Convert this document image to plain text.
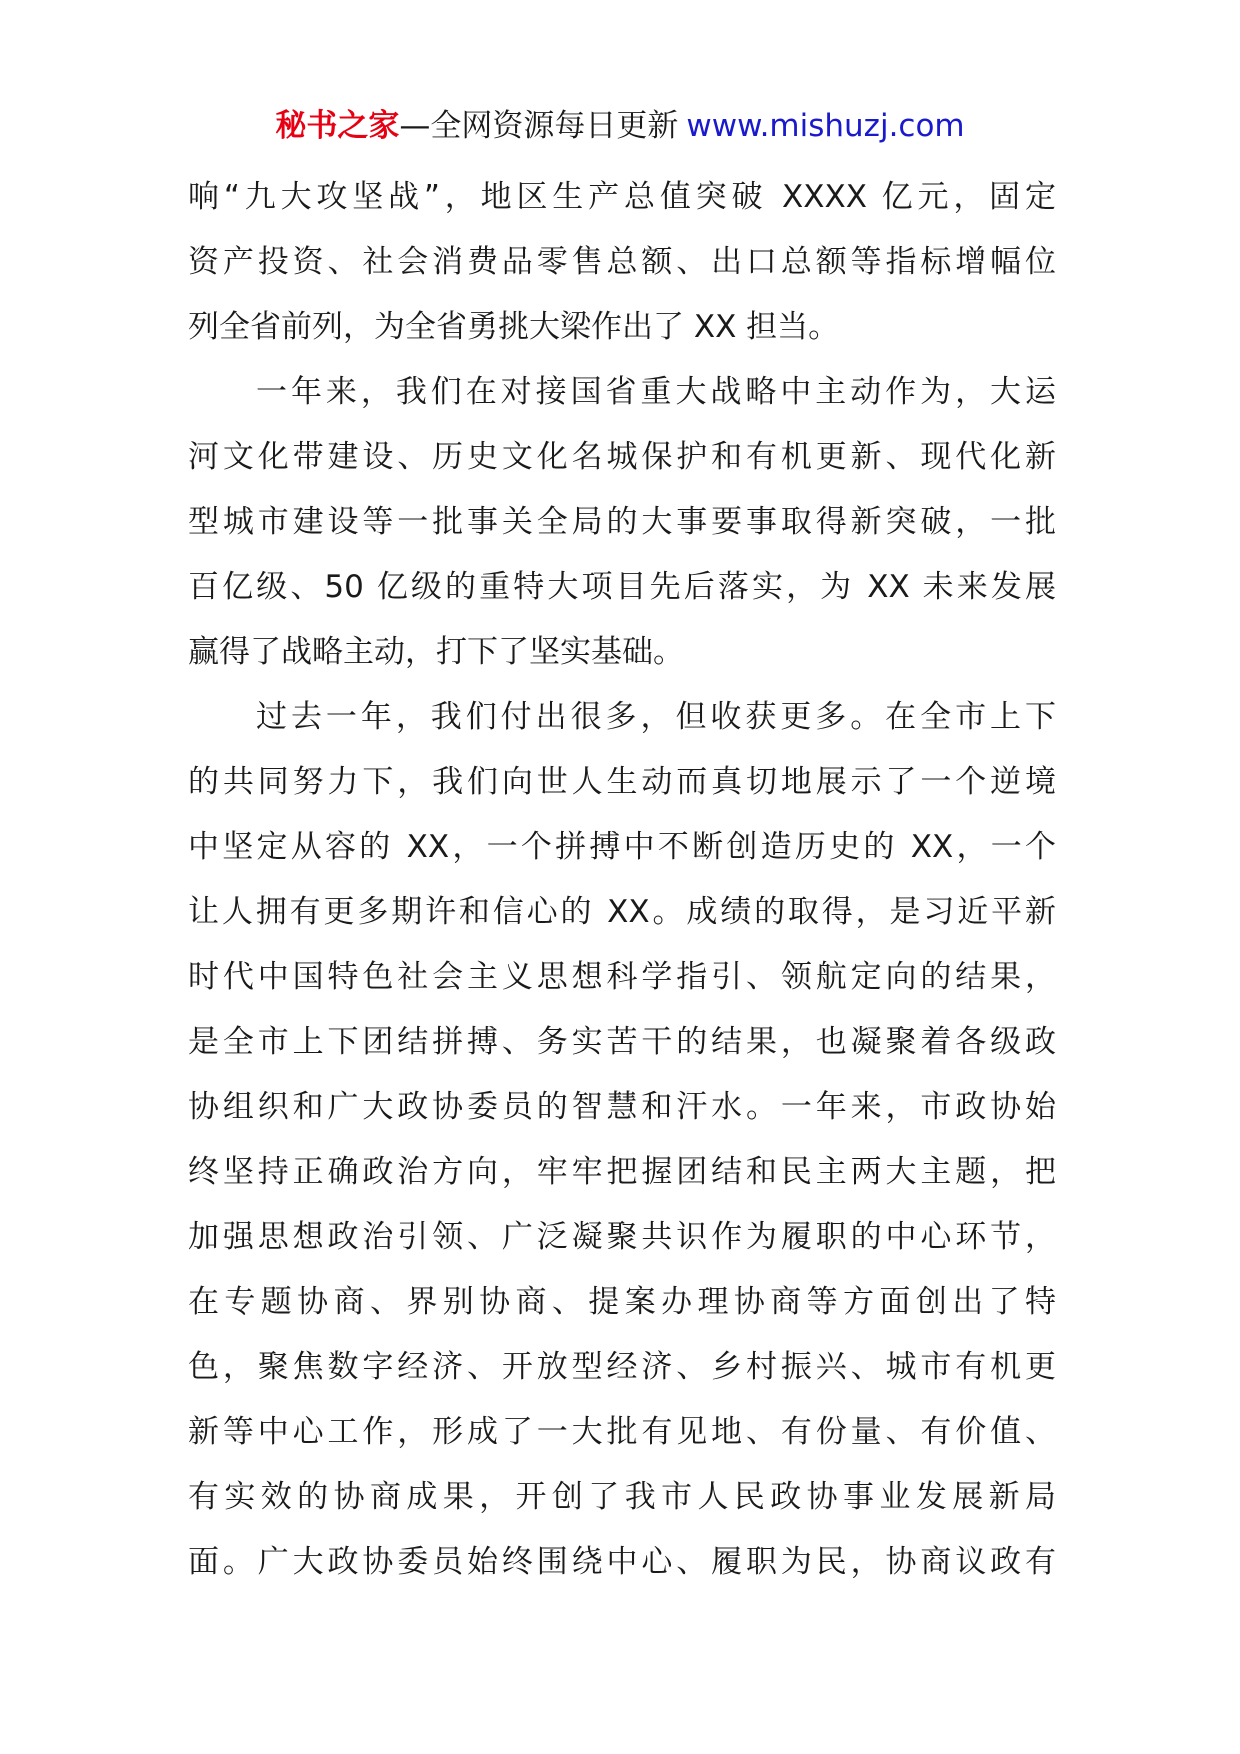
秘书之家—全网资源每日更新 www.mishuzj.com
响“九大攻坚战”，地区生产总值突破 XXXX 亿元，固定
资产投资、社会消费品零售总额、出口总额等指标增幅位
列全省前列，为全省勇挑大梁作出了 XX 担当。
一年来，我们在对接国省重大战略中主动作为，大运
河文化带建设、历史文化名城保护和有机更新、现代化新
型城市建设等一批事关全局的大事要事取得新突破，一批
百亿级、50 亿级的重特大项目先后落实，为 XX 未来发展
赢得了战略主动，打下了坚实基础。
过去一年，我们付出很多，但收获更多。在全市上下
的共同努力下，我们向世人生动而真切地展示了一个逆境
中坚定从容的 XX，一个拼搏中不断创造历史的 XX，一个
让人拥有更多期许和信心的 XX。成绩的取得，是习近平新
时代中国特色社会主义思想科学指引、领航定向的结果，
是全市上下团结拼搏、务实苦干的结果，也凝聚着各级政
协组织和广大政协委员的智慧和汗水。一年来，市政协始
终坚持正确政治方向，牢牢把握团结和民主两大主题，把
加强思想政治引领、广泛凝聚共识作为履职的中心环节，
在专题协商、界别协商、提案办理协商等方面创出了特
色，聚焦数字经济、开放型经济、乡村振兴、城市有机更
新等中心工作，形成了一大批有见地、有份量、有价值、
有实效的协商成果，开创了我市人民政协事业发展新局
面。广大政协委员始终围绕中心、履职为民，协商议政有
